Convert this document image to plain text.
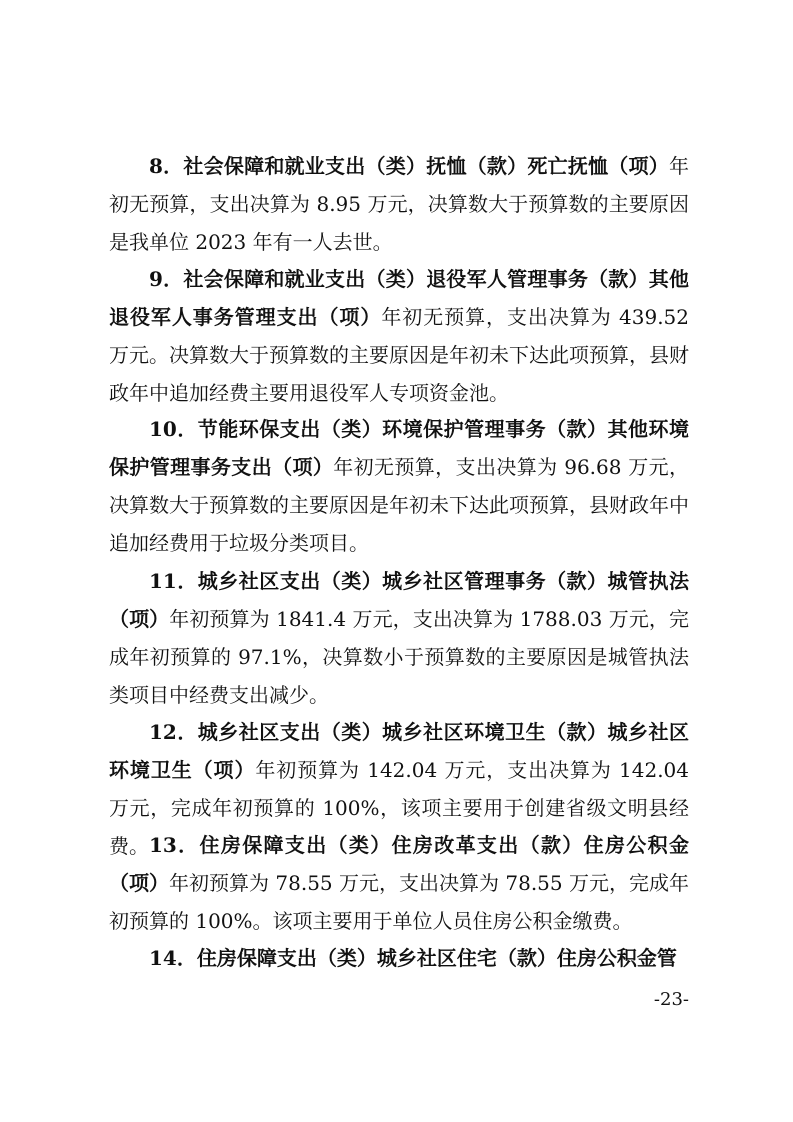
8．社会保障和就业支出（类）抚恤（款）死亡抚恤（项）年初无预算，支出决算为 8.95 万元，决算数大于预算数的主要原因是我单位 2023 年有一人去世。

9．社会保障和就业支出（类）退役军人管理事务（款）其他退役军人事务管理支出（项）年初无预算，支出决算为 439.52 万元。决算数大于预算数的主要原因是年初未下达此项预算，县财政年中追加经费主要用退役军人专项资金池。

10．节能环保支出（类）环境保护管理事务（款）其他环境保护管理事务支出（项）年初无预算，支出决算为 96.68 万元，决算数大于预算数的主要原因是年初未下达此项预算，县财政年中追加经费用于垃圾分类项目。

11．城乡社区支出（类）城乡社区管理事务（款）城管执法（项）年初预算为 1841.4 万元，支出决算为 1788.03 万元，完成年初预算的 97.1%，决算数小于预算数的主要原因是城管执法类项目中经费支出减少。

12．城乡社区支出（类）城乡社区环境卫生（款）城乡社区环境卫生（项）年初预算为 142.04 万元，支出决算为 142.04 万元，完成年初预算的 100%，该项主要用于创建省级文明县经费。 13．住房保障支出（类）住房改革支出（款）住房公积金（项）年初预算为 78.55 万元，支出决算为 78.55 万元，完成年初预算的 100%。该项主要用于单位人员住房公积金缴费。

14．住房保障支出（类）城乡社区住宅（款）住房公积金管

-23-
